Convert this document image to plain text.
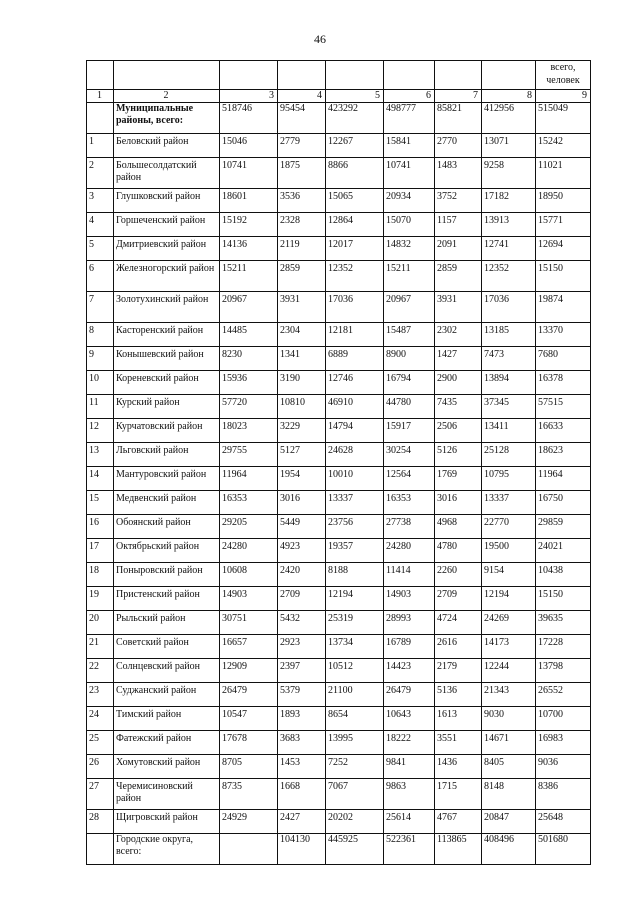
46

								всего,
человек

1	2	3	4	5	6	7	8	9
	Муниципальные районы, всего:	518746	95454	423292	498777	85821	412956	515049
1	Беловский район	15046	2779	12267	15841	2770	13071	15242
2	Большесолдатский район	10741	1875	8866	10741	1483	9258	11021
3	Глушковский район	18601	3536	15065	20934	3752	17182	18950
4	Горшеченский район	15192	2328	12864	15070	1157	13913	15771
5	Дмитриевский район	14136	2119	12017	14832	2091	12741	12694
6	Железногорский район	15211	2859	12352	15211	2859	12352	15150
7	Золотухинский район	20967	3931	17036	20967	3931	17036	19874
8	Касторенский район	14485	2304	12181	15487	2302	13185	13370
9	Конышевский район	8230	1341	6889	8900	1427	7473	7680
10	Кореневский район	15936	3190	12746	16794	2900	13894	16378
11	Курский район	57720	10810	46910	44780	7435	37345	57515
12	Курчатовский район	18023	3229	14794	15917	2506	13411	16633
13	Льговский район	29755	5127	24628	30254	5126	25128	18623
14	Мантуровский район	11964	1954	10010	12564	1769	10795	11964
15	Медвенский район	16353	3016	13337	16353	3016	13337	16750
16	Обоянский район	29205	5449	23756	27738	4968	22770	29859
17	Октябрьский район	24280	4923	19357	24280	4780	19500	24021
18	Поныровский район	10608	2420	8188	11414	2260	9154	10438
19	Пристенский район	14903	2709	12194	14903	2709	12194	15150
20	Рыльский район	30751	5432	25319	28993	4724	24269	39635
21	Советский район	16657	2923	13734	16789	2616	14173	17228
22	Солнцевский район	12909	2397	10512	14423	2179	12244	13798
23	Суджанский район	26479	5379	21100	26479	5136	21343	26552
24	Тимский район	10547	1893	8654	10643	1613	9030	10700
25	Фатежский район	17678	3683	13995	18222	3551	14671	16983
26	Хомутовский район	8705	1453	7252	9841	1436	8405	9036
27	Черемисиновский район	8735	1668	7067	9863	1715	8148	8386
28	Щигровский район	24929	2427	20202	25614	4767	20847	25648
	Городские округа, всего:		104130	445925	522361	113865	408496	501680
